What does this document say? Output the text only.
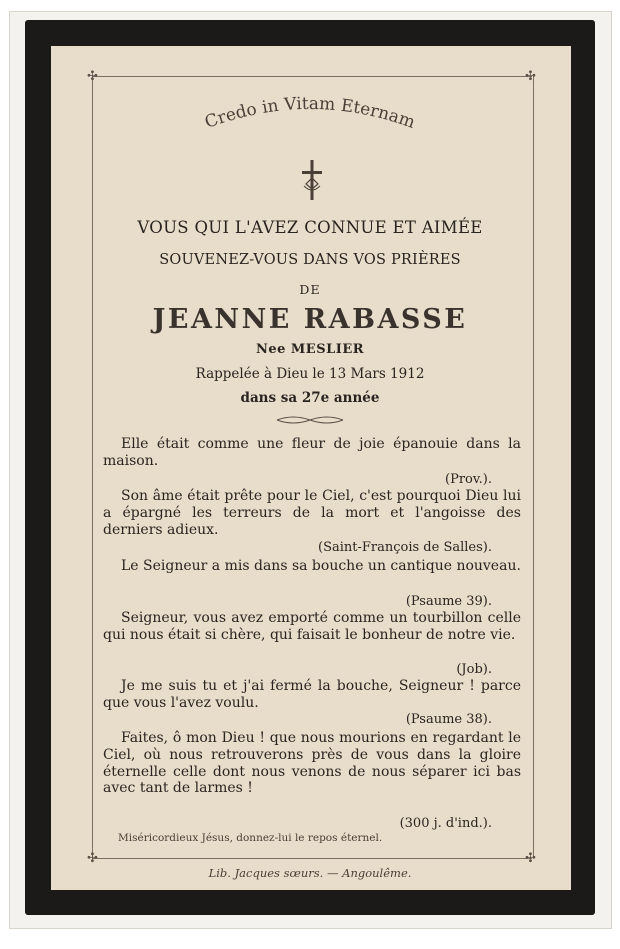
✣	✣
✣	✣
Credo in Vitam Eternam
VOUS QUI L'AVEZ CONNUE ET AIMÉE
SOUVENEZ-VOUS DANS VOS PRIÈRES
DE
JEANNE RABASSE
Nee MESLIER
Rappelée à Dieu le 13 Mars 1912
dans sa 27e année

Elle était comme une fleur de joie épanouie dans la maison.

(Prov.).

Son âme était prête pour le Ciel, c'est pourquoi Dieu lui a épargné les terreurs de la mort et l'angoisse des derniers adieux.

(Saint-François de Salles).

Le Seigneur a mis dans sa bouche un cantique nouveau.

(Psaume 39).

Seigneur, vous avez emporté comme un tourbillon celle qui nous était si chère, qui faisait le bonheur de notre vie.

(Job).

Je me suis tu et j'ai fermé la bouche, Seigneur ! parce que vous l'avez voulu.

(Psaume 38).

Faites, ô mon Dieu ! que nous mourions en regardant le Ciel, où nous retrouverons près de vous dans la gloire éternelle celle dont nous venons de nous séparer ici bas avec tant de larmes !

(300 j. d'ind.).
Miséricordieux Jésus, donnez-lui le repos éternel.
Lib. Jacques sœurs. — Angoulême.
